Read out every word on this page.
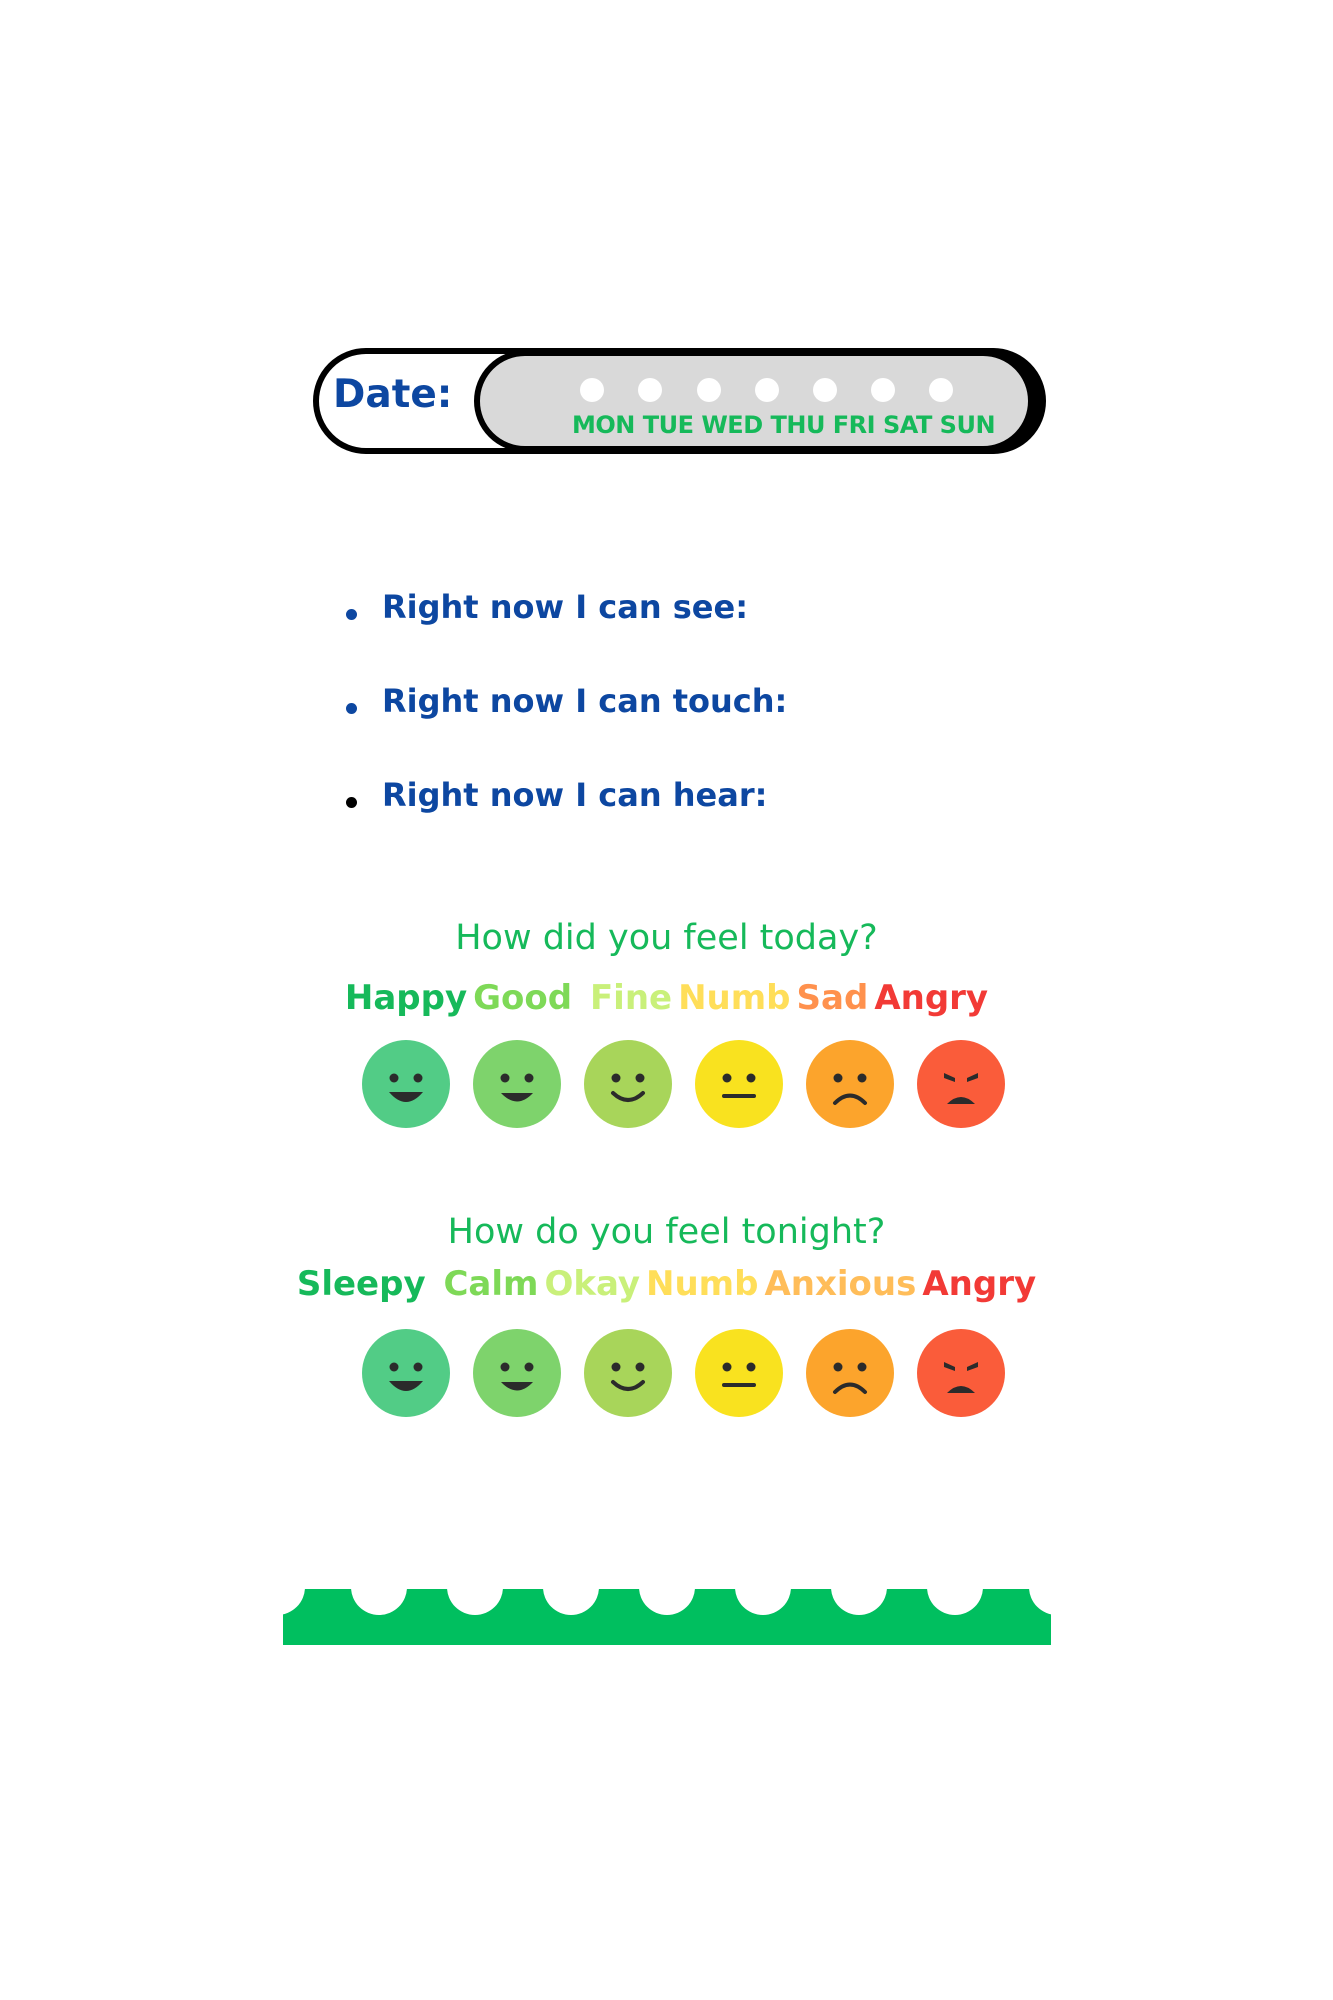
Date:
MON TUE WED THU FRI SAT SUN
Right now I can see:
Right now I can touch:
Right now I can hear:
How did you feel today?
Happy Good Fine Numb Sad Angry
How do you feel tonight?
Sleepy Calm Okay Numb Anxious Angry
